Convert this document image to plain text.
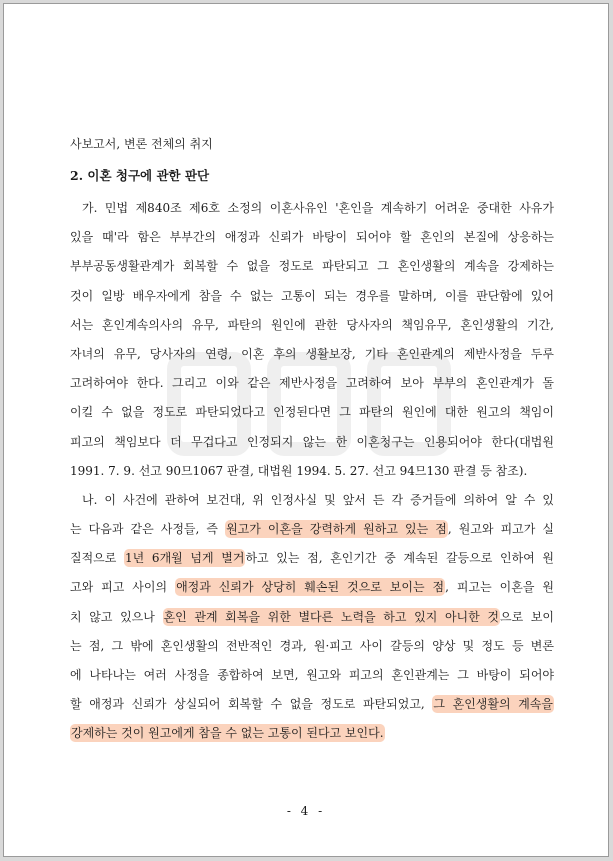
사보고서, 변론 전체의 취지
2. 이혼 청구에 관한 판단
가. 민법 제840조 제6호 소정의 이혼사유인 '혼인을 계속하기 어려운 중대한 사유가
있을 때'라 함은 부부간의 애정과 신뢰가 바탕이 되어야 할 혼인의 본질에 상응하는
부부공동생활관계가 회복할 수 없을 정도로 파탄되고 그 혼인생활의 계속을 강제하는
것이 일방 배우자에게 참을 수 없는 고통이 되는 경우를 말하며, 이를 판단함에 있어
서는 혼인계속의사의 유무, 파탄의 원인에 관한 당사자의 책임유무, 혼인생활의 기간,
자녀의 유무, 당사자의 연령, 이혼 후의 생활보장, 기타 혼인관계의 제반사정을 두루
고려하여야 한다. 그리고 이와 같은 제반사정을 고려하여 보아 부부의 혼인관계가 돌
이킬 수 없을 정도로 파탄되었다고 인정된다면 그 파탄의 원인에 대한 원고의 책임이
피고의 책임보다 더 무겁다고 인정되지 않는 한 이혼청구는 인용되어야 한다(대법원
1991. 7. 9. 선고 90므1067 판결, 대법원 1994. 5. 27. 선고 94므130 판결 등 참조).
나. 이 사건에 관하여 보건대, 위 인정사실 및 앞서 든 각 증거들에 의하여 알 수 있
는 다음과 같은 사정들, 즉 원고가 이혼을 강력하게 원하고 있는 점, 원고와 피고가 실
질적으로 1년 6개월 넘게 별거하고 있는 점, 혼인기간 중 계속된 갈등으로 인하여 원
고와 피고 사이의 애정과 신뢰가 상당히 훼손된 것으로 보이는 점, 피고는 이혼을 원
치 않고 있으나 혼인 관계 회복을 위한 별다른 노력을 하고 있지 아니한 것으로 보이
는 점, 그 밖에 혼인생활의 전반적인 경과, 원·피고 사이 갈등의 양상 및 정도 등 변론
에 나타나는 여러 사정을 종합하여 보면, 원고와 피고의 혼인관계는 그 바탕이 되어야
할 애정과 신뢰가 상실되어 회복할 수 없을 정도로 파탄되었고, 그 혼인생활의 계속을
강제하는 것이 원고에게 참을 수 없는 고통이 된다고 보인다.
- 4 -
